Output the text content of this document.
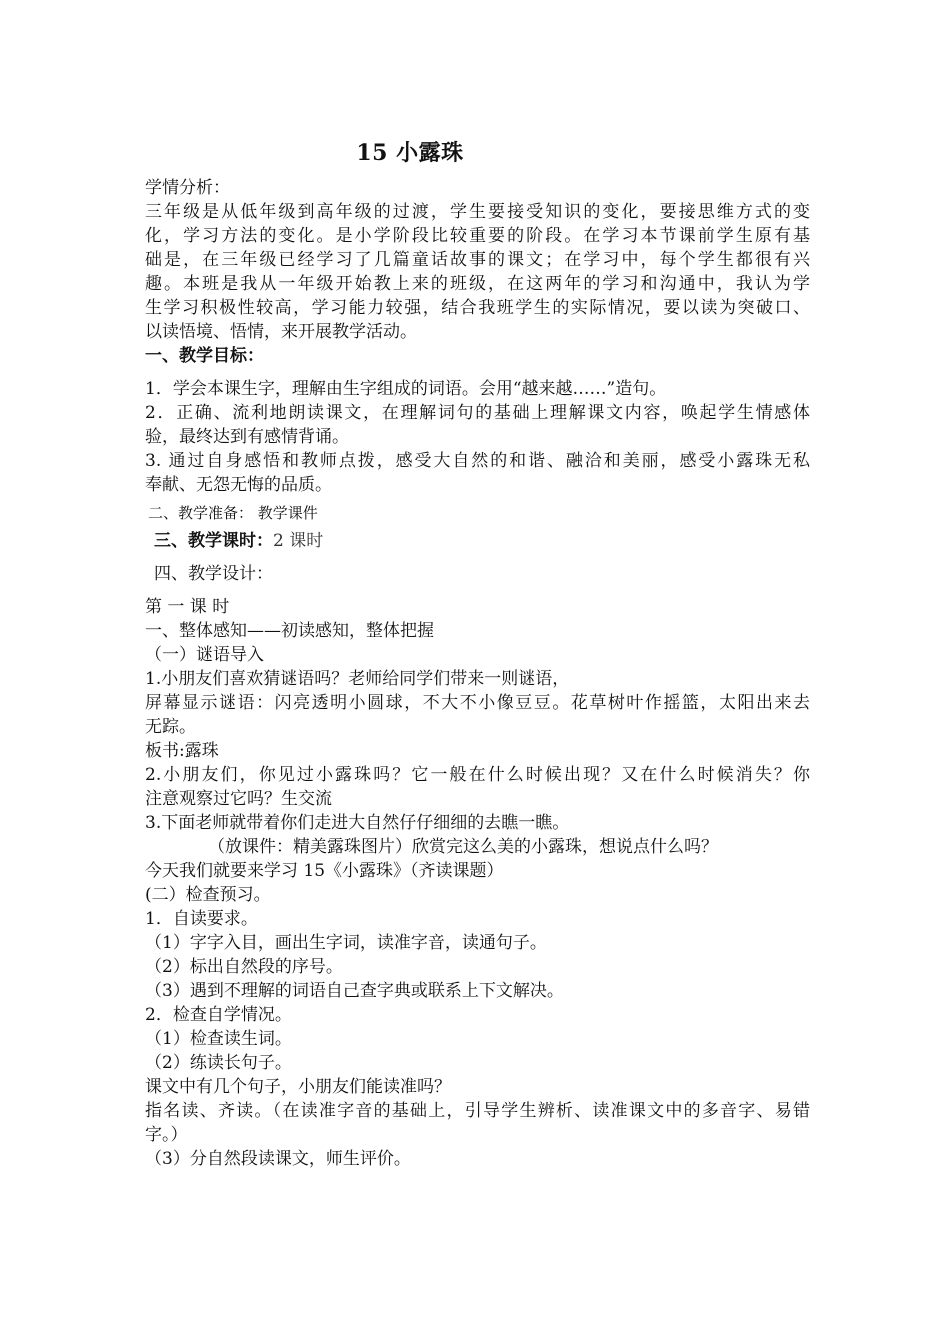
15 小露珠
学情分析：
三年级是从低年级到高年级的过渡，学生要接受知识的变化，要接思维方式的变
化，学习方法的变化。是小学阶段比较重要的阶段。在学习本节课前学生原有基
础是，在三年级已经学习了几篇童话故事的课文；在学习中，每个学生都很有兴
趣。本班是我从一年级开始教上来的班级，在这两年的学习和沟通中，我认为学
生学习积极性较高，学习能力较强，结合我班学生的实际情况，要以读为突破口、
以读悟境、悟情，来开展教学活动。
一、教学目标：
1．学会本课生字，理解由生字组成的词语。会用“越来越……”造句。
2．正确、流利地朗读课文，在理解词句的基础上理解课文内容，唤起学生情感体
验，最终达到有感情背诵。
3. 通过自身感悟和教师点拨，感受大自然的和谐、融洽和美丽，感受小露珠无私
奉献、无怨无悔的品质。
二、教学准备： 教学课件
三、教学课时：2 课时
四、教学设计：
第 一 课 时
一、整体感知——初读感知，整体把握
（一）谜语导入
1.小朋友们喜欢猜谜语吗？老师给同学们带来一则谜语，
屏幕显示谜语：闪亮透明小圆球，不大不小像豆豆。花草树叶作摇篮，太阳出来去
无踪。
板书:露珠
2.小朋友们，你见过小露珠吗？它一般在什么时候出现？又在什么时候消失？你
注意观察过它吗？生交流
3.下面老师就带着你们走进大自然仔仔细细的去瞧一瞧。
（放课件：精美露珠图片）欣赏完这么美的小露珠，想说点什么吗？
今天我们就要来学习 15《小露珠》（齐读课题）
(二）检查预习。
1．自读要求。
（1）字字入目，画出生字词，读准字音，读通句子。
（2）标出自然段的序号。
（3）遇到不理解的词语自己查字典或联系上下文解决。
2．检查自学情况。
（1）检查读生词。
（2）练读长句子。
课文中有几个句子，小朋友们能读准吗？
指名读、齐读。（在读准字音的基础上，引导学生辨析、读准课文中的多音字、易错
字。）
（3）分自然段读课文，师生评价。
